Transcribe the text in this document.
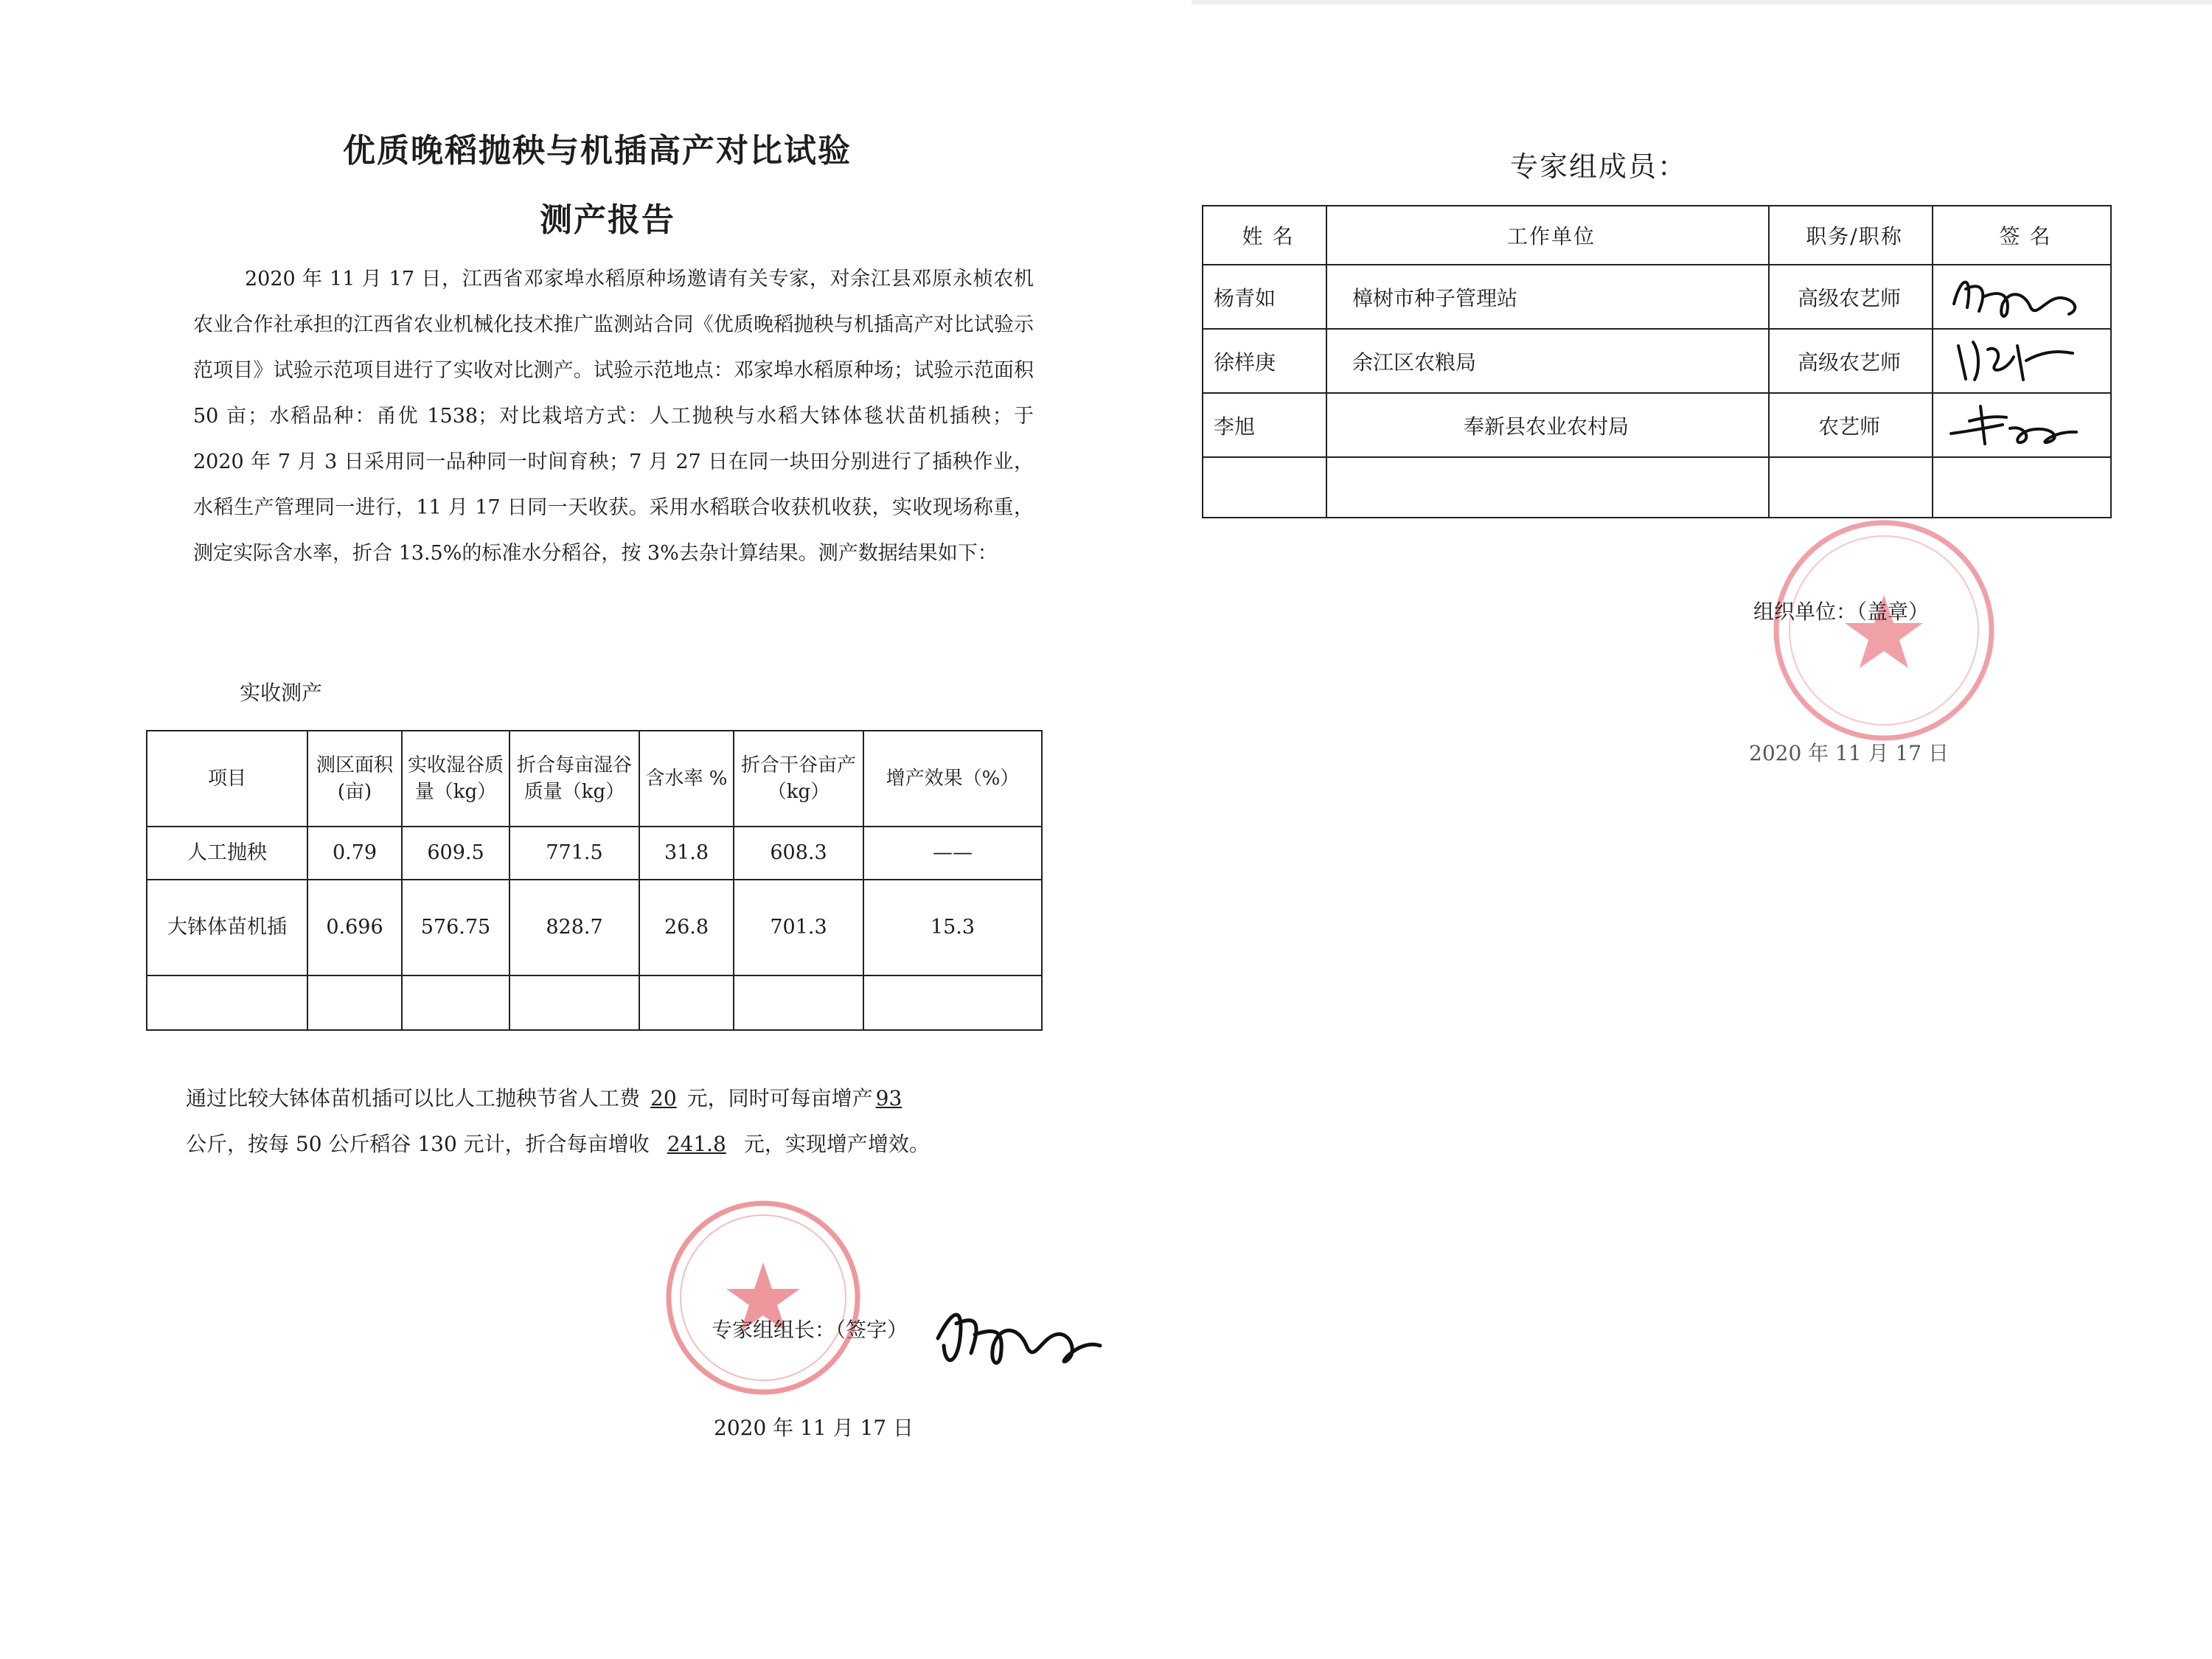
优质晚稻抛秧与机插高产对比试验
测产报告
2020 年 11 月 17 日，江西省邓家埠水稻原种场邀请有关专家，对余江县邓原永桢农机农业合作社承担的江西省农业机械化技术推广监测站合同《优质晚稻抛秧与机插高产对比试验示范项目》试验示范项目进行了实收对比测产。试验示范地点：邓家埠水稻原种场；试验示范面积 50 亩；水稻品种：甬优 1538；对比栽培方式：人工抛秧与水稻大钵体毯状苗机插秧；于 2020 年 7 月 3 日采用同一品种同一时间育秧；7 月 27 日在同一块田分别进行了插秧作业，水稻生产管理同一进行，11 月 17 日同一天收获。采用水稻联合收获机收获，实收现场称重，测定实际含水率，折合 13.5%的标准水分稻谷，按 3%去杂计算结果。测产数据结果如下：
实收测产
项目	测区面积(亩)	实收湿谷质量（kg）	折合每亩湿谷质量（kg）	含水率 %	折合干谷亩产（kg）	增产效果（%）
人工抛秧	0.79	609.5	771.5	31.8	608.3	——
大钵体苗机插	0.696	576.75	828.7	26.8	701.3	15.3

通过比较大钵体苗机插可以比人工抛秧节省人工费 20 元，同时可每亩增产 93
公斤，按每 50 公斤稻谷 130 元计，折合每亩增收 241.8 元，实现增产增效。
专家组组长：（签字）
2020 年 11 月 17 日
专家组成员：
姓 名	工作单位	职务/职称	签 名
杨青如	樟树市种子管理站	高级农艺师	
徐样庚	余江区农粮局	高级农艺师	
李旭	奉新县农业农村局	农艺师	

组织单位：（盖章）
2020 年 11 月 17 日
